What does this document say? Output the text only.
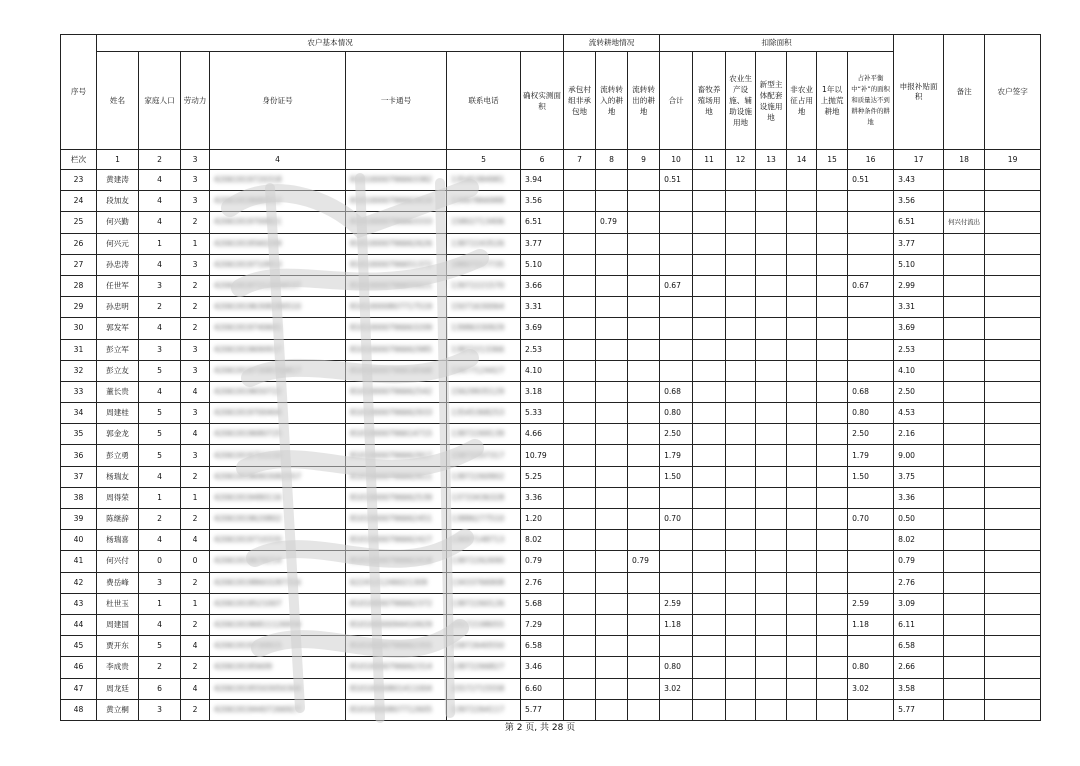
序号	农户基本情况							流转耕地情况			扣除面积							申报补贴面积	备注	农户签字
	姓名	家庭人口	劳动力	身份证号	一卡通号	联系电话	确权实测面积	承包村组非承包地	流转转入的耕地	流转转出的耕地	合计	畜牧养殖场用地	农业生产设施、辅助设施用地	新型主体配套设施用地	非农业征占用地	1年以上抛荒耕地	占补平衡中“补”的面积和质量达不到耕种条件的耕地			
栏次	1	2	3	4		5	6	7	8	9	10	11	12	13	14	15	16	17	18	19
23	黄建涛	4	3	42061919720318	81010000796663382	13545384981	3.94				0.51						0.51	3.43		
24	段加友	4	3	42061919680512	81010000796663419	13497866988	3.56											3.56		
25	何兴勤	4	2	42061919700821	81010000796663333	15802713406	6.51		0.79									6.51	何兴付流出	
26	何兴元	1	1	42061919560209	81010000796662626	13872243526	3.77											3.77		
27	孙忠涛	4	3	42061919710913	81010000796651372	18807217735	5.10											5.10		
28	任世军	3	2	420619197212026537	81010000796655021	13972221570	3.66				0.67						0.67	2.99		
29	孙忠明	2	2	420619196308280510	81010000807717519	15071630064	3.31											3.31		
30	郭发军	4	2	42061919740601	81010000796663209	13986330929	3.69											3.69		
31	彭立军	3	3	42061919690917	81010000796662985	13872213366	2.53											2.53		
32	彭立友	5	3	420619197308156817	81010000796618568	13477124427	4.10											4.10		
33	董长贵	4	4	42061919650722	81010000796662542	15629935129	3.18				0.68						0.68	2.50		
34	周建桂	5	3	42061919700404	81010000796662933	13545368253	5.33				0.80						0.80	4.53		
35	郭金龙	5	4	42061919680725	81010000796614715	13872269139	4.66				2.50						2.50	2.16		
36	彭立勇	5	3	42061919751110	81010000796662917	15872207317	10.79				1.79						1.79	9.00		
37	杨瑞友	4	2	420619196903082557	81010000796662611	13872260902	5.25				1.50						1.50	3.75		
38	周得荣	1	1	42061919480116	81010000796662539	13733436328	3.36											3.36		
39	陈继辞	2	2	42061919620802	81010000796662451	13886277510	1.20				0.70						0.70	0.50		
40	杨瑞喜	4	4	42061919710320	81010000796662427	13697148713	8.02											8.02		
41	何兴付	0	0	42061919670214	81010000796662418	13872262690	0.79			0.79								0.79		
42	费岳峰	3	2	420619198603287316	6224121246021309	13433766908	2.76											2.76		
43	杜世玉	1	1	42061919521007	81010000796662372	13872260126	5.68				2.59						2.59	3.09		
44	周建国	4	2	420619196811126934	81010000094410929	15172198055	7.29				1.18						1.18	6.11		
45	贾开东	5	4	42061919730915	81010000796662355	15872640550	6.58											6.58		
46	李成贵	2	2	420619195609	81010000796662314	13872266827	3.46				0.80						0.80	2.66		
47	周龙廷	6	4	420619195503050304	81010000801411004	15572715558	6.60				3.02						3.02	3.58		
48	黄立桐	3	2	420619194407266927	81010000807712605	13972264117	5.77											5.77		
第 2 页, 共 28 页
